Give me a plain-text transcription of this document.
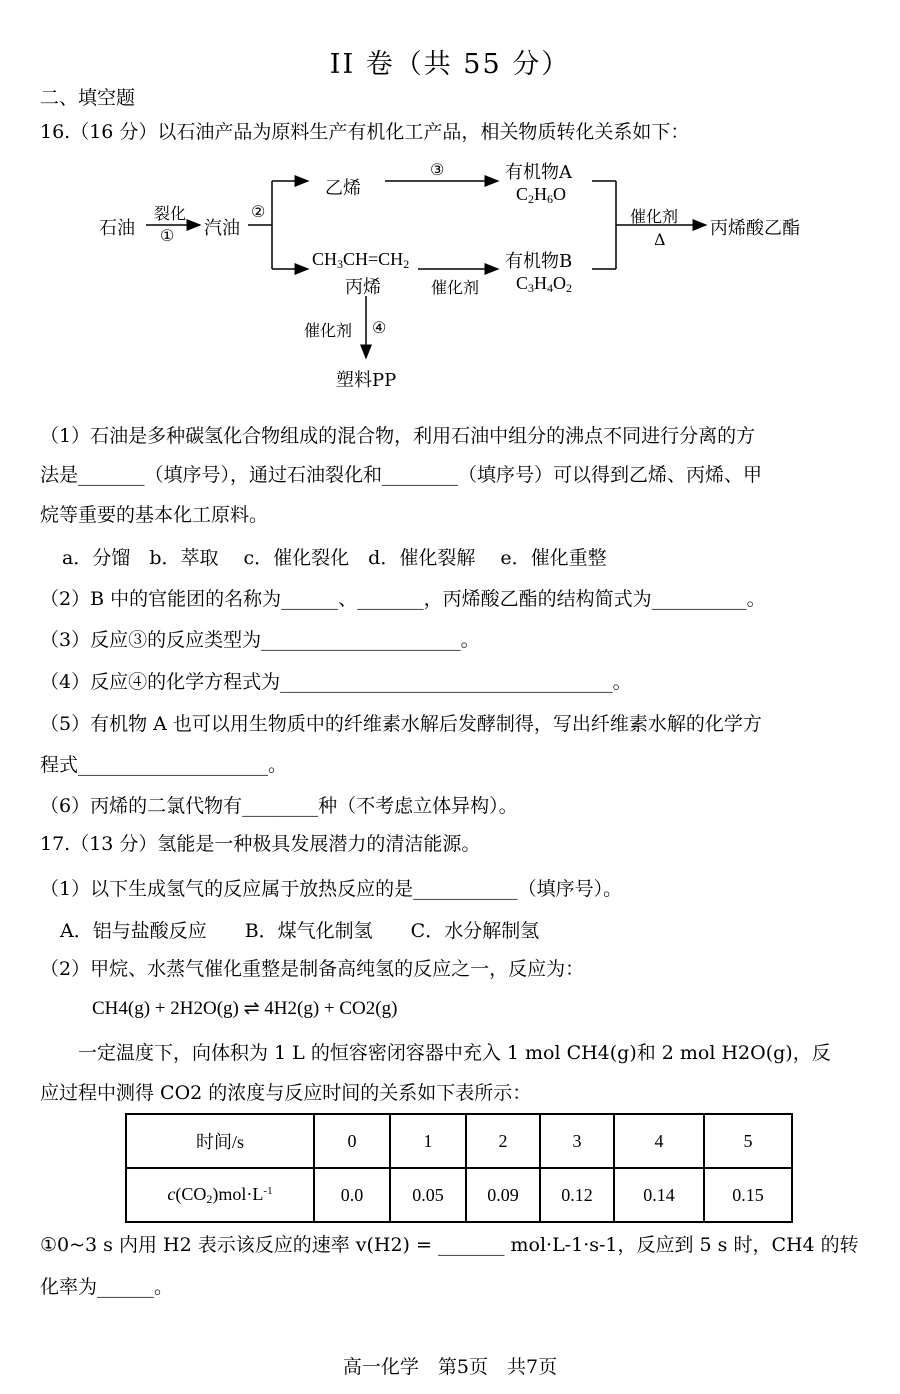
II 卷（共 55 分）
二、填空题
16.（16 分）以石油产品为原料生产有机化工产品，相关物质转化关系如下：
石油
裂化
① 汽油
②
乙烯
③	有机物A
$C_2H_6O$
$CH_3CH=CH_2$
丙烯	催化剂
有机物B
$C_3H_4O_2$
催化剂
Δ
丙烯酸乙酯
催化剂 ④
塑料PP
（1）石油是多种碳氢化合物组成的混合物，利用石油中组分的沸点不同进行分离的方
法是_______（填序号），通过石油裂化和________（填序号）可以得到乙烯、丙烯、甲
烷等重要的基本化工原料。
a．分馏　b．萃取　 c．催化裂化　d．催化裂解　 e．催化重整
（2）B 中的官能团的名称为______、_______，丙烯酸乙酯的结构简式为__________。
（3）反应③的反应类型为_____________________。
（4）反应④的化学方程式为___________________________________。
（5）有机物 A 也可以用生物质中的纤维素水解后发酵制得，写出纤维素水解的化学方
程式____________________。
（6）丙烯的二氯代物有________种（不考虑立体异构）。
17.（13 分）氢能是一种极具发展潜力的清洁能源。
（1）以下生成氢气的反应属于放热反应的是___________（填序号）。
A．铝与盐酸反应　　B．煤气化制氢　　C．水分解制氢
（2）甲烷、水蒸气催化重整是制备高纯氢的反应之一，反应为：
CH4(g) + 2H2O(g) ⇌ 4H2(g) + CO2(g)
一定温度下，向体积为 1 L 的恒容密闭容器中充入 1 mol CH4(g)和 2 mol H2O(g)，反
应过程中测得 CO2 的浓度与反应时间的关系如下表所示：
时间/s	0	1	2	3	4	5
$c(CO_2)mol\cdot L^{-1}$	0.0	0.05	0.09	0.12	0.14	0.15
①0~3 s 内用 H2 表示该反应的速率 v(H2) = _______ mol·L-1·s-1，反应到 5 s 时，CH4 的转
化率为______。
高一化学　第5页　共7页
